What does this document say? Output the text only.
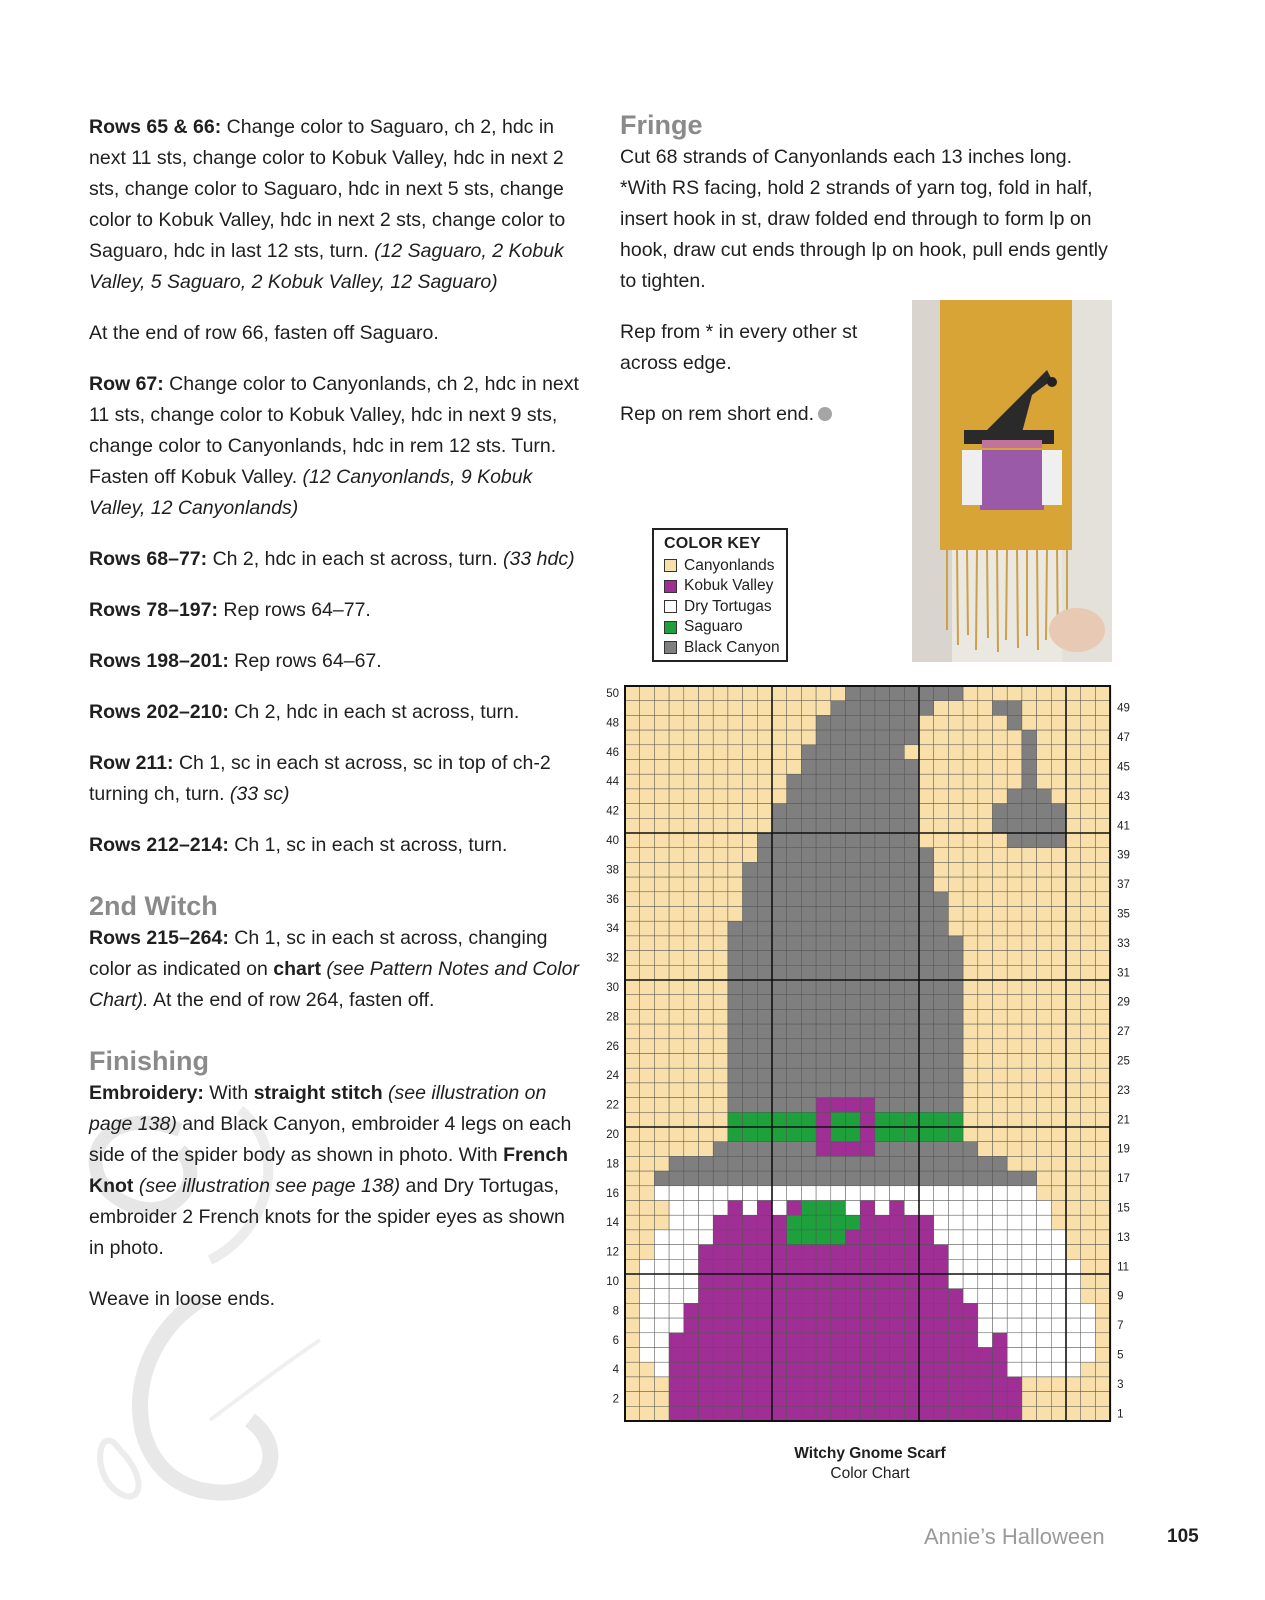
Rows 65 & 66: Change color to Saguaro, ch 2, hdc in next 11 sts, change color to Kobuk Valley, hdc in next 2 sts, change color to Saguaro, hdc in next 5 sts, change color to Kobuk Valley, hdc in next 2 sts, change color to Saguaro, hdc in last 12 sts, turn. (12 Saguaro, 2 Kobuk Valley, 5 Saguaro, 2 Kobuk Valley, 12 Saguaro)

At the end of row 66, fasten off Saguaro.

Row 67: Change color to Canyonlands, ch 2, hdc in next 11 sts, change color to Kobuk Valley, hdc in next 9 sts, change color to Canyonlands, hdc in rem 12 sts. Turn. Fasten off Kobuk Valley. (12 Canyonlands, 9 Kobuk Valley, 12 Canyonlands)

Rows 68–77: Ch 2, hdc in each st across, turn. (33 hdc)

Rows 78–197: Rep rows 64–77.

Rows 198–201: Rep rows 64–67.

Rows 202–210: Ch 2, hdc in each st across, turn.

Row 211: Ch 1, sc in each st across, sc in top of ch-2 turning ch, turn. (33 sc)

Rows 212–214: Ch 1, sc in each st across, turn.

2nd Witch

Rows 215–264: Ch 1, sc in each st across, changing color as indicated on chart (see Pattern Notes and Color Chart). At the end of row 264, fasten off.

Finishing

Embroidery: With straight stitch (see illustration on page 138) and Black Canyon, embroider 4 legs on each side of the spider body as shown in photo. With French Knot (see illustration see page 138) and Dry Tortugas, embroider 2 French knots for the spider eyes as shown in photo.

Weave in loose ends.

Fringe

Cut 68 strands of Canyonlands each 13 inches long. *With RS facing, hold 2 strands of yarn tog, fold in half, insert hook in st, draw folded end through to form lp on hook, draw cut ends through lp on hook, pull ends gently to tighten.

Rep from * in every other st across edge.

Rep on rem short end.

COLOR KEY
Canyonlands
Kobuk Valley
Dry Tortugas
Saguaro
Black Canyon
2
4
6
8
10
12
14
16
18
20
22
24
26
28
30
32
34
36
38
40
42
44
46
48
50
1
3
5
7
9
11
13
15
17
19
21
23
25
27
29
31
33
35
37
39
41
43
45
47
49
Witchy Gnome Scarf
Color Chart
Annie’s Halloween	105
